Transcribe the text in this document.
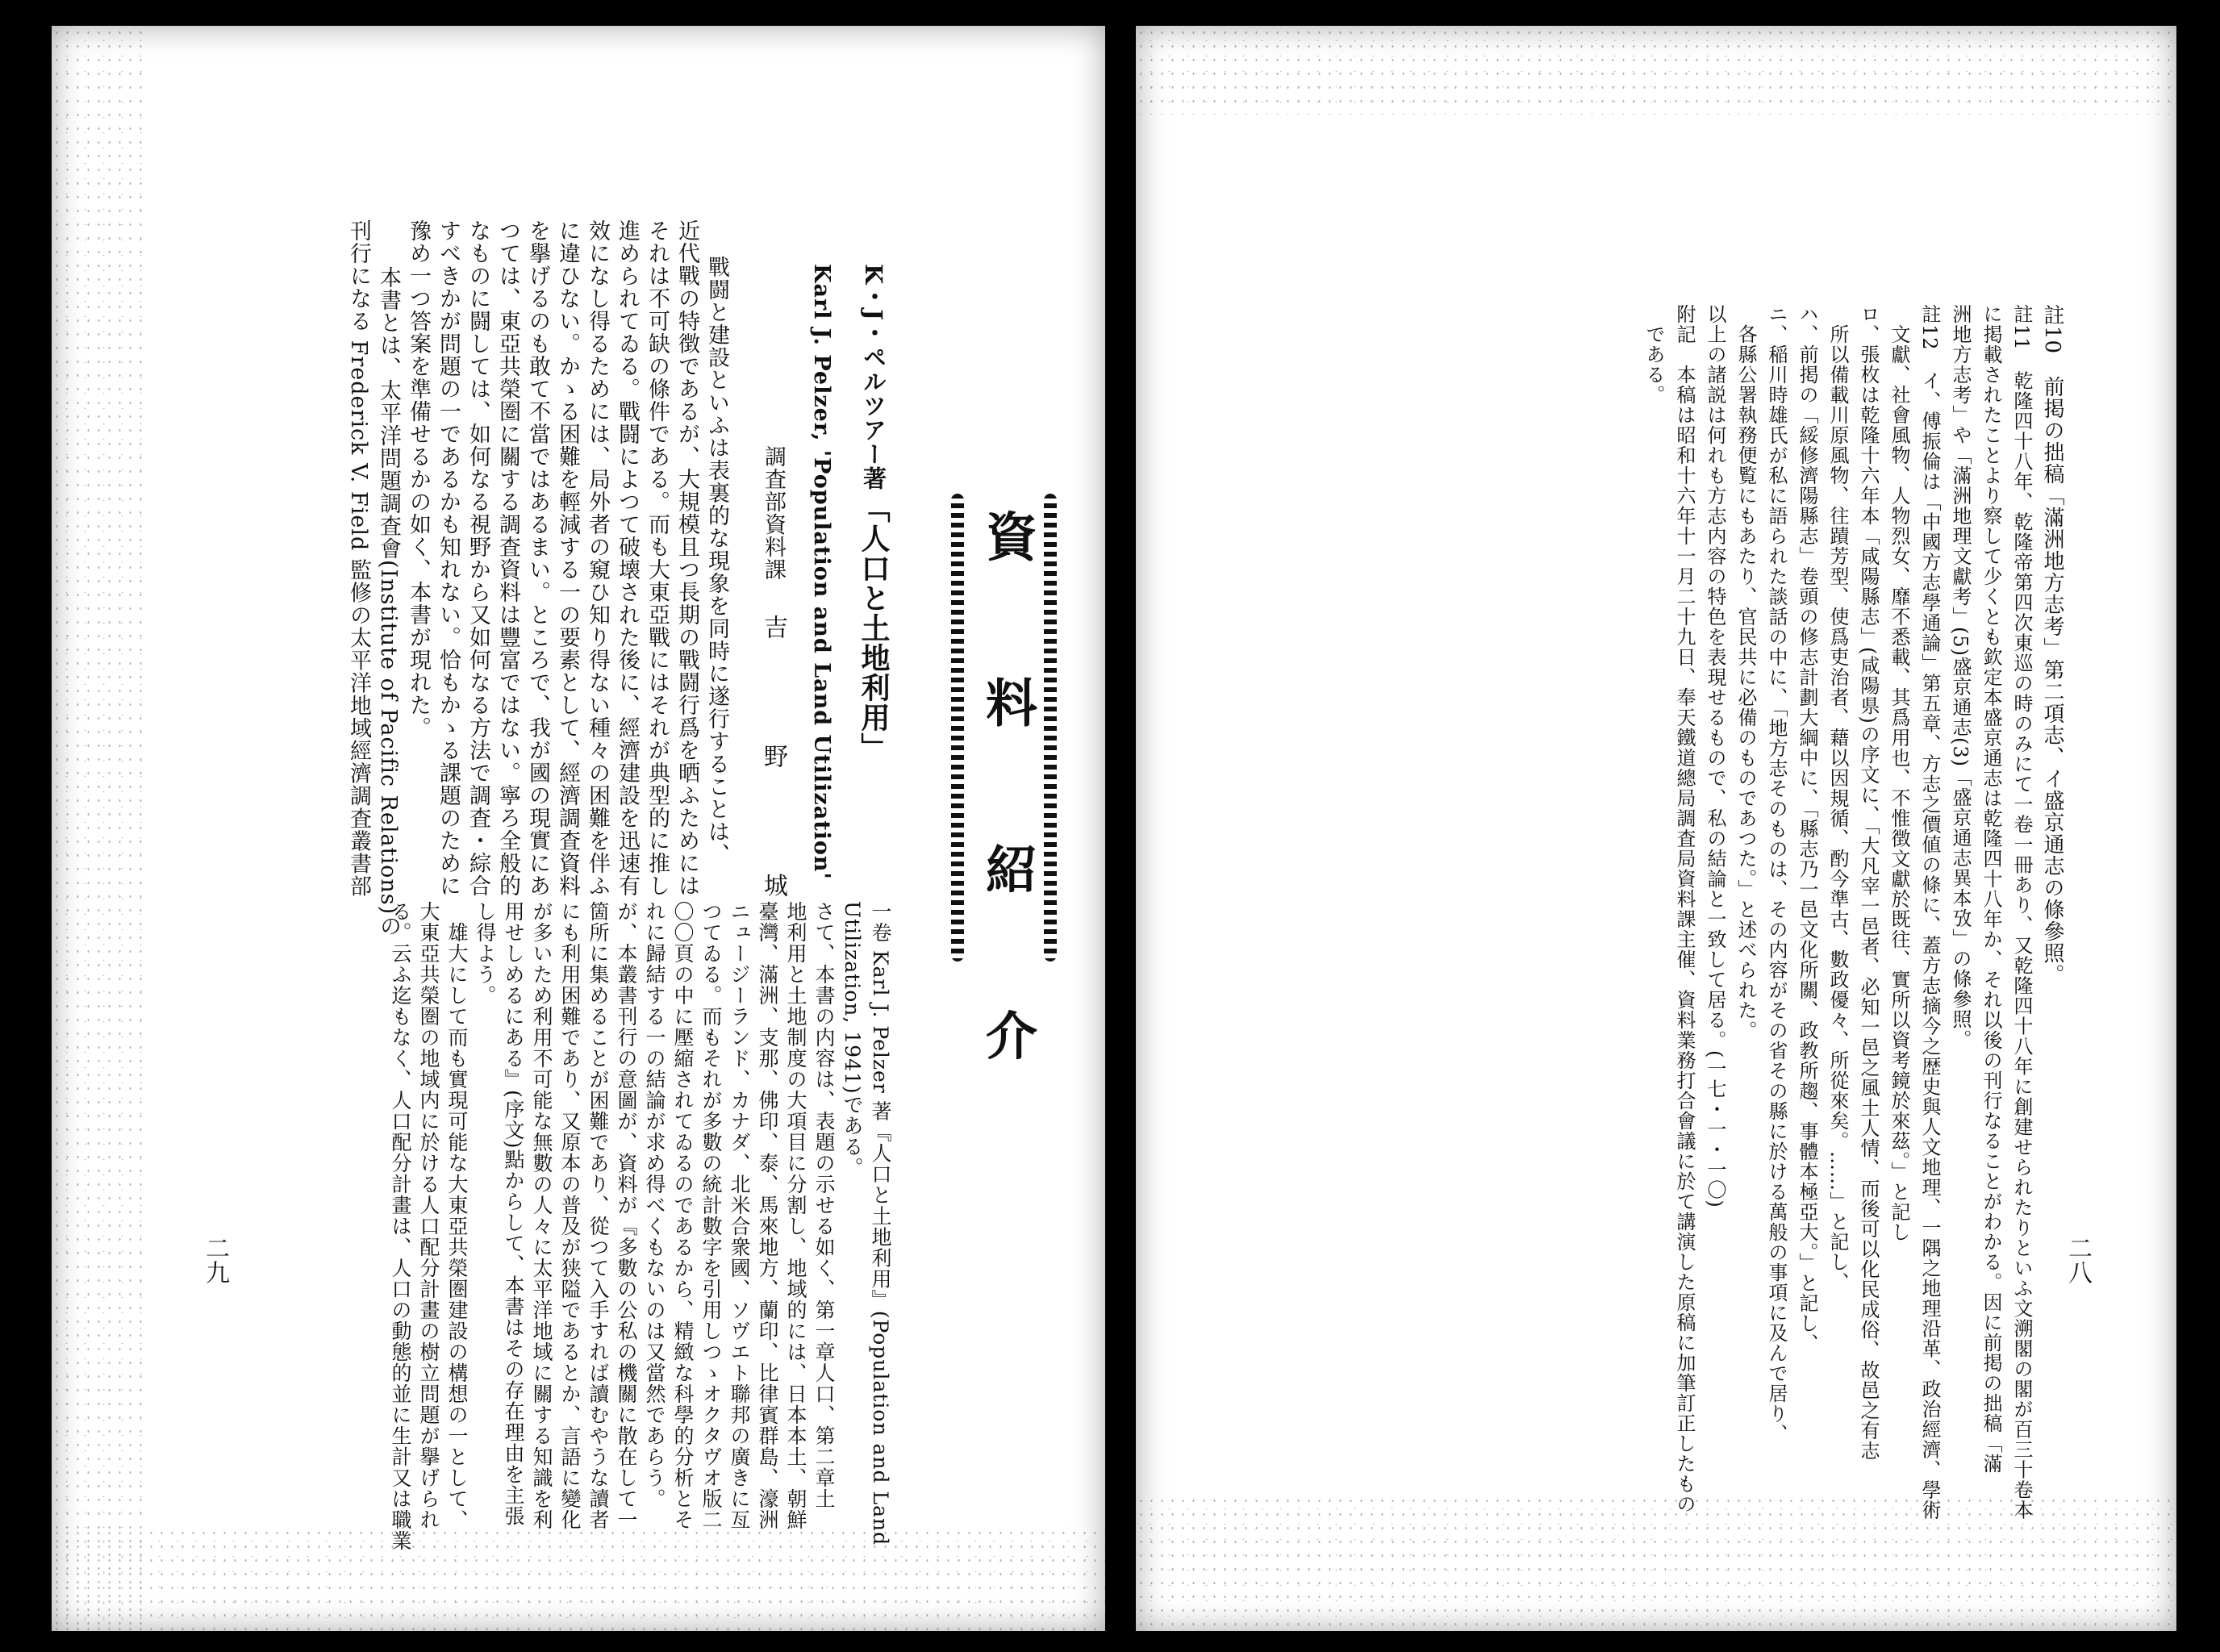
資 料 紹 介
K・J・ペルツアー著
「人口と土地利用」
Karl J. Pelzer, 'Population and Land Utilization'
調査部資料課
吉　野　城
戰闘と建設といふは表裏的な現象を同時に遂行することは、
近代戰の特徴であるが、大規模且つ長期の戰闘行爲を晒ふためには
それは不可缺の條件である。而も大東亞戰にはそれが典型的に推し
進められてゐる。戰闘によつて破壊された後に、經濟建設を迅速有
效になし得るためには、局外者の窺ひ知り得ない種々の困難を伴ふ
に違ひない。かゝる困難を輕減する一の要素として、經濟調査資料
を擧げるのも敢て不當ではあるまい。ところで、我が國の現實にあ
つては、東亞共榮圏に關する調査資料は豐富ではない。寧ろ全般的
なものに闘しては、如何なる視野から又如何なる方法で調査・綜合
すべきかが問題の一であるかも知れない。恰もかゝる課題のために
豫め一つ答案を準備せるかの如く、本書が現れた。
　本書とは、太平洋問題調査會(Institute of Pacific Relations)の
刊行になる Frederick V. Field 監修の太平洋地域經濟調査叢書部
一卷 Karl J. Pelzer 著『人口と土地利用』(Population and Land
Utilization, 1941)である。
さて、本書の内容は、表題の示せる如く、第一章人口、第二章土
地利用と土地制度の大項目に分割し、地域的には、日本本土、朝鮮
臺灣、滿洲、支那、佛印、泰、馬來地方、蘭印、比律賓群島、濠洲
ニュージーランド、カナダ、北米合衆國、ソヴエト聯邦の廣きに亙
つてゐる。而もそれが多數の統計數字を引用しつゝオクタヴオ版二
〇〇頁の中に壓縮されてゐるのであるから、精緻な科學的分析とそ
れに歸結する一の結論が求め得べくもないのは又當然であらう。
が、本叢書刊行の意圖が、資料が『多數の公私の機關に散在して一
箇所に集めることが困難であり、從つて入手すれば讀むやうな讀者
にも利用困難であり、又原本の普及が狭隘であるとか、言語に變化
が多いため利用不可能な無數の人々に太平洋地域に關する知識を利
用せしめるにある』(序文)點からして、本書はその存在理由を主張
し得よう。
　雄大にして而も實現可能な大東亞共榮圏建設の構想の一として、
大東亞共榮圏の地域内に於ける人口配分計畫の樹立問題が擧げられ
る。云ふ迄もなく、人口配分計畫は、人口の動態的並に生計又は職業
二九
註10　前掲の拙稿「滿洲地方志考」第二項志、イ盛京通志の條參照。
註11　乾隆四十八年、乾隆帝第四次東巡の時のみにて一卷一冊あり、又乾隆四十八年に創建せられたりといふ文溯閣の閣が百三十卷本
に掲載されたことより察して少くとも欽定本盛京通志は乾隆四十八年か、それ以後の刊行なることがわかる。因に前掲の拙稿「滿
洲地方志考」や「滿洲地理文獻考」(5)盛京通志(3)「盛京通志異本攷」の條參照。
註12　イ、傅振倫は「中國方志學通論」第五章、方志之價値の條に、蓋方志摘今之歴史與人文地理、一隅之地理沿革、政治經濟、學術
　文獻、社會風物、人物烈女、靡不悉載、其爲用也、不惟徴文獻於既往、實所以資考鏡於來茲。」と記し
ロ、張枚は乾隆十六年本「咸陽縣志」(咸陽県)の序文に、「大凡宰一邑者、必知一邑之風土人情、而後可以化民成俗、故邑之有志
　所以備載川原風物、往蹟芳型、使爲吏治者、藉以因規循、酌今準古、數政優々、所從來矣。……」と記し、
ハ、前掲の「綏修濟陽縣志」卷頭の修志計劃大綱中に、「縣志乃一邑文化所關、政教所趨、事體本極亞大。」と記し、
ニ、稲川時雄氏が私に語られた談話の中に、「地方志そのものは、その内容がその省その縣に於ける萬般の事項に及んで居り、
　各縣公署執務便覧にもあたり、官民共に必備のものであつた。」と述べられた。
以上の諸説は何れも方志内容の特色を表現せるもので、私の結論と一致して居る。(一七・一・一〇)
附記　本稿は昭和十六年十一月二十九日、奉天鐵道總局調査局資料課主催、資料業務打合會議に於て講演した原稿に加筆訂正したもの
　である。
二八
